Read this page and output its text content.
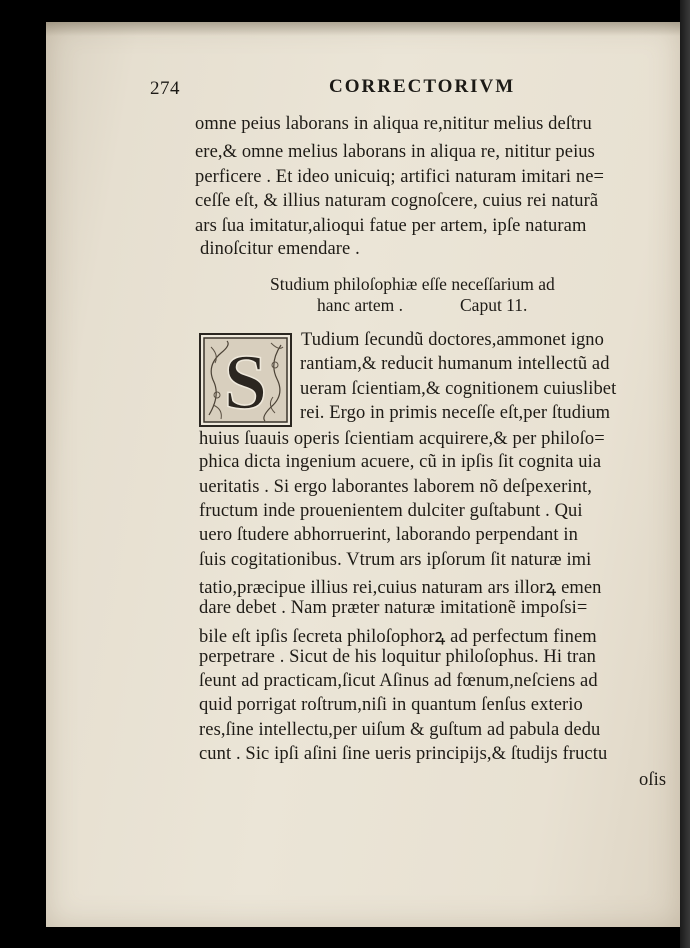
274	CORRECTORIVM
omne peius laborans in aliqua re,nititur melius deſtru
ere,& omne melius laborans in aliqua re, nititur peius
perficere . Et ideo unicuiq; artifici naturam imitari ne=
ceſſe eſt, & illius naturam cognoſcere, cuius rei naturã
ars ſua imitatur,alioqui fatue per artem, ipſe naturam
dinoſcitur emendare .
Studium philoſophiæ eſſe neceſſarium ad
hanc artem .	Caput 11.
S Tudium ſecundũ doctores,ammonet igno
rantiam,& reducit humanum intellectũ ad
ueram ſcientiam,& cognitionem cuiuslibet
rei. Ergo in primis neceſſe eſt,per ſtudium
huius ſuauis operis ſcientiam acquirere,& per philoſo=
phica dicta ingenium acuere, cũ in ipſis ſit cognita uia
ueritatis . Si ergo laborantes laborem nõ deſpexerint,
fructum inde prouenientem dulciter guſtabunt . Qui
uero ſtudere abhorruerint, laborando perpendant in
ſuis cogitationibus. Vtrum ars ipſorum ſit naturæ imi
tatio,præcipue illius rei,cuius naturam ars illorꝝ emen
dare debet . Nam præter naturæ imitationẽ impoſsi=
bile eſt ipſis ſecreta philoſophorꝝ ad perfectum finem
perpetrare . Sicut de his loquitur philoſophus. Hi tran
ſeunt ad practicam,ſicut Aſinus ad fœnum,neſciens ad
quid porrigat roſtrum,niſi in quantum ſenſus exterio
res,ſine intellectu,per uiſum & guſtum ad pabula dedu
cunt . Sic ipſi aſini ſine ueris principijs,& ſtudijs fructu
oſis
